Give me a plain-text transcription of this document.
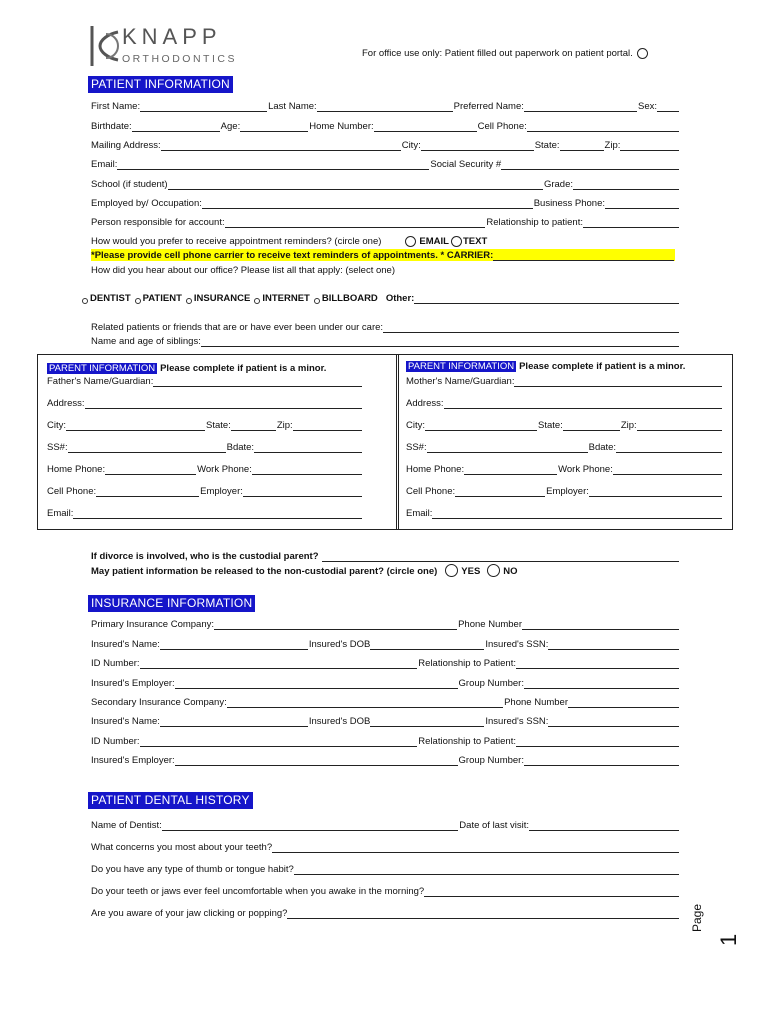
KNAPP
ORTHODONTICS	For office use only: Patient filled out paperwork on patient portal.
PATIENT INFORMATION
First Name:	Last Name:	Preferred Name:	Sex:
Birthdate:	Age:	Home Number:	Cell Phone:
Mailing Address:	City:	State:	Zip:
Email:	Social Security #
School (if student)	Grade:
Employed by/ Occupation:	Business Phone:
Person responsible for account:	Relationship to patient:
How would you prefer to receive appointment reminders? (circle one)	EMAIL TEXT
*Please provide cell phone carrier to receive text reminders of appointments. * CARRIER:
How did you hear about our office? Please list all that apply: (select one)
DENTIST PATIENT INSURANCE INTERNET BILLBOARD Other:
Related patients or friends that are or have ever been under our care:
Name and age of siblings:
PARENT INFORMATION Please complete if patient is a minor.
Father's Name/Guardian:
Address:
City:	State:	Zip:
SS#:	Bdate:
Home Phone:	Work Phone:
Cell Phone:	Employer:
Email:
PARENT INFORMATION Please complete if patient is a minor.
Mother's Name/Guardian:
Address:
City:	State:	Zip:
SS#:	Bdate:
Home Phone:	Work Phone:
Cell Phone:	Employer:
Email:
If divorce is involved, who is the custodial parent?
May patient information be released to the non-custodial parent? (circle one)	YES NO
INSURANCE INFORMATION
Primary Insurance Company:	Phone Number
Insured's Name:	Insured's DOB	Insured's SSN:
ID Number:	Relationship to Patient:
Insured's Employer:	Group Number:
Secondary Insurance Company:	Phone Number
Insured's Name:	Insured's DOB	Insured's SSN:
ID Number:	Relationship to Patient:
Insured's Employer:	Group Number:
PATIENT DENTAL HISTORY
Name of Dentist:	Date of last visit:
What concerns you most about your teeth?
Do you have any type of thumb or tongue habit?
Do your teeth or jaws ever feel uncomfortable when you awake in the morning?
Are you aware of your jaw clicking or popping?	Page
1
